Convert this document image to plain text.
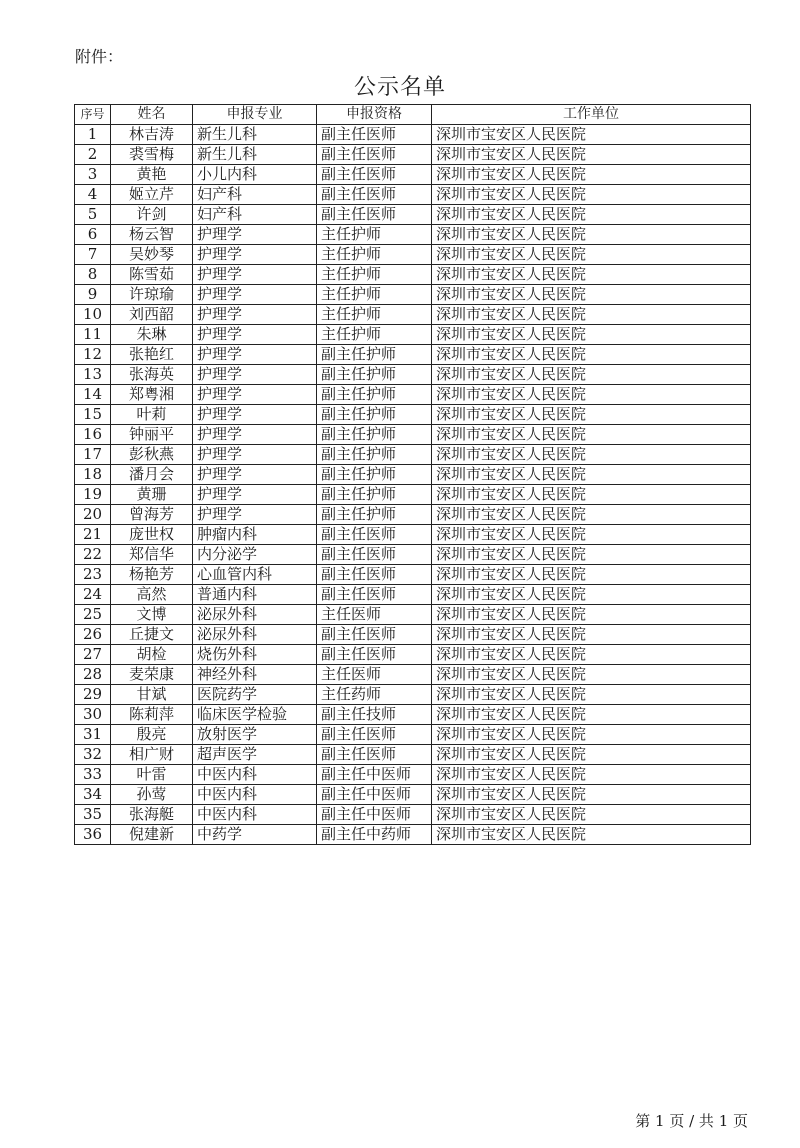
附件：
公示名单
序号	姓名	申报专业	申报资格	工作单位
1	林吉涛	新生儿科	副主任医师	深圳市宝安区人民医院
2	裘雪梅	新生儿科	副主任医师	深圳市宝安区人民医院
3	黄艳	小儿内科	副主任医师	深圳市宝安区人民医院
4	姬立芹	妇产科	副主任医师	深圳市宝安区人民医院
5	许剑	妇产科	副主任医师	深圳市宝安区人民医院
6	杨云智	护理学	主任护师	深圳市宝安区人民医院
7	吴妙琴	护理学	主任护师	深圳市宝安区人民医院
8	陈雪茹	护理学	主任护师	深圳市宝安区人民医院
9	许琼瑜	护理学	主任护师	深圳市宝安区人民医院
10	刘西韶	护理学	主任护师	深圳市宝安区人民医院
11	朱琳	护理学	主任护师	深圳市宝安区人民医院
12	张艳红	护理学	副主任护师	深圳市宝安区人民医院
13	张海英	护理学	副主任护师	深圳市宝安区人民医院
14	郑粤湘	护理学	副主任护师	深圳市宝安区人民医院
15	叶莉	护理学	副主任护师	深圳市宝安区人民医院
16	钟丽平	护理学	副主任护师	深圳市宝安区人民医院
17	彭秋燕	护理学	副主任护师	深圳市宝安区人民医院
18	潘月会	护理学	副主任护师	深圳市宝安区人民医院
19	黄珊	护理学	副主任护师	深圳市宝安区人民医院
20	曾海芳	护理学	副主任护师	深圳市宝安区人民医院
21	庞世权	肿瘤内科	副主任医师	深圳市宝安区人民医院
22	郑信华	内分泌学	副主任医师	深圳市宝安区人民医院
23	杨艳芳	心血管内科	副主任医师	深圳市宝安区人民医院
24	高然	普通内科	副主任医师	深圳市宝安区人民医院
25	文博	泌尿外科	主任医师	深圳市宝安区人民医院
26	丘捷文	泌尿外科	副主任医师	深圳市宝安区人民医院
27	胡检	烧伤外科	副主任医师	深圳市宝安区人民医院
28	麦荣康	神经外科	主任医师	深圳市宝安区人民医院
29	甘斌	医院药学	主任药师	深圳市宝安区人民医院
30	陈莉萍	临床医学检验	副主任技师	深圳市宝安区人民医院
31	殷亮	放射医学	副主任医师	深圳市宝安区人民医院
32	相广财	超声医学	副主任医师	深圳市宝安区人民医院
33	叶雷	中医内科	副主任中医师	深圳市宝安区人民医院
34	孙莺	中医内科	副主任中医师	深圳市宝安区人民医院
35	张海艇	中医内科	副主任中医师	深圳市宝安区人民医院
36	倪建新	中药学	副主任中药师	深圳市宝安区人民医院
第 1 页 / 共 1 页
